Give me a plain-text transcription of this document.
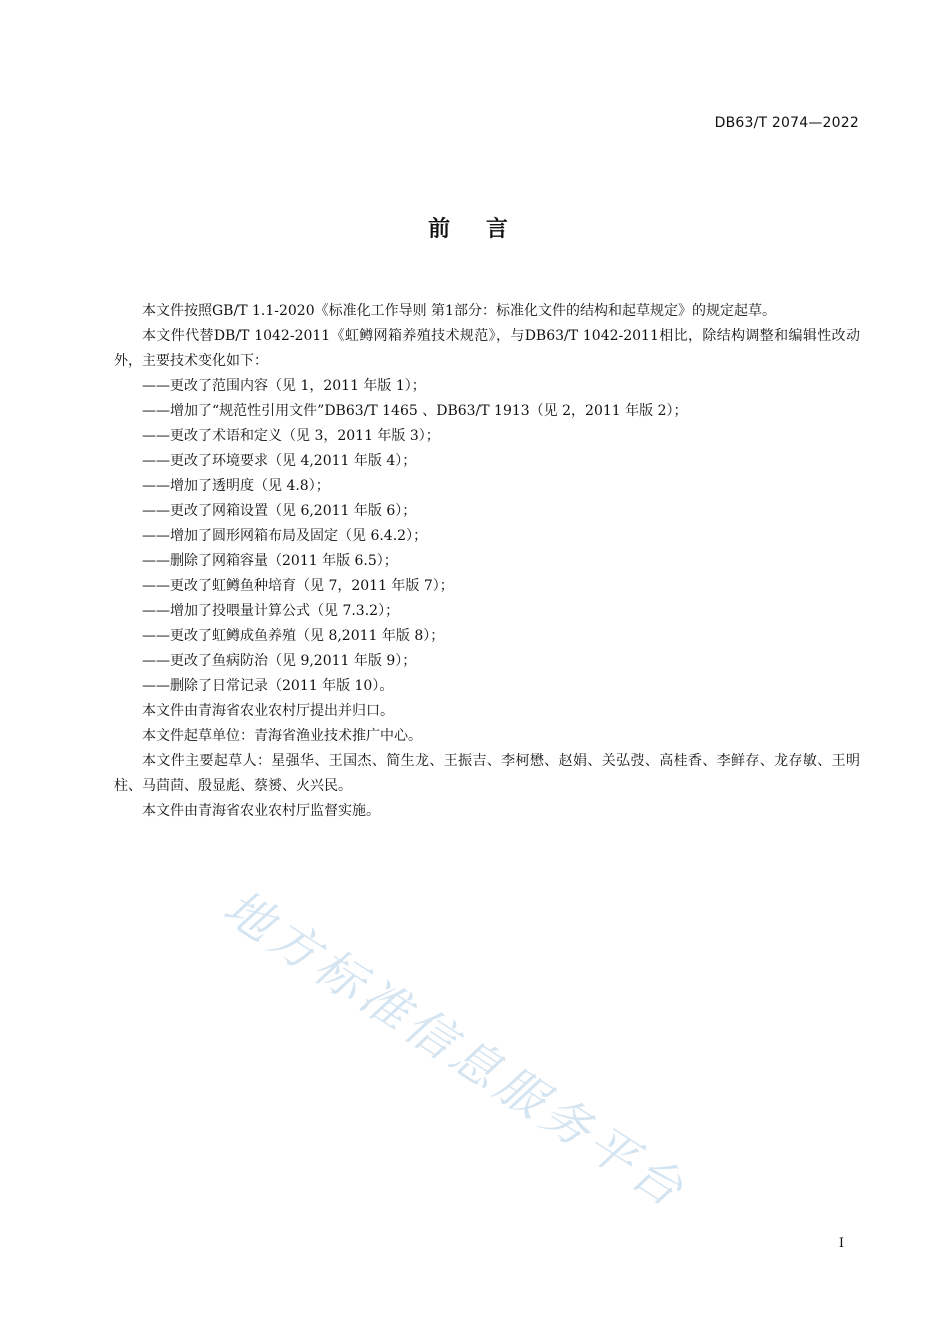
DB63/T 2074—2022
前 言

本文件按照GB/T 1.1-2020《标准化工作导则 第1部分：标准化文件的结构和起草规定》的规定起草。

本文件代替DB/T 1042-2011《虹鳟网箱养殖技术规范》，与DB63/T 1042-2011相比，除结构调整和编辑性改动外，主要技术变化如下：

——更改了范围内容（见 1，2011 年版 1）；

——增加了“规范性引用文件”DB63/T 1465 、DB63/T 1913（见 2，2011 年版 2）；

——更改了术语和定义（见 3，2011 年版 3）；

——更改了环境要求（见 4,2011 年版 4）；

——增加了透明度（见 4.8）；

——更改了网箱设置（见 6,2011 年版 6）；

——增加了圆形网箱布局及固定（见 6.4.2）；

——删除了网箱容量（2011 年版 6.5）；

——更改了虹鳟鱼种培育（见 7，2011 年版 7）；

——增加了投喂量计算公式（见 7.3.2）；

——更改了虹鳟成鱼养殖（见 8,2011 年版 8）；

——更改了鱼病防治（见 9,2011 年版 9）；

——删除了日常记录（2011 年版 10）。

本文件由青海省农业农村厅提出并归口。

本文件起草单位：青海省渔业技术推广中心。

本文件主要起草人：星强华、王国杰、简生龙、王振吉、李柯懋、赵娟、关弘弢、高桂香、李鲜存、龙存敏、王明柱、马茴茴、殷显彪、蔡赟、火兴民。

本文件由青海省农业农村厅监督实施。

地方标准信息服务平台
I
